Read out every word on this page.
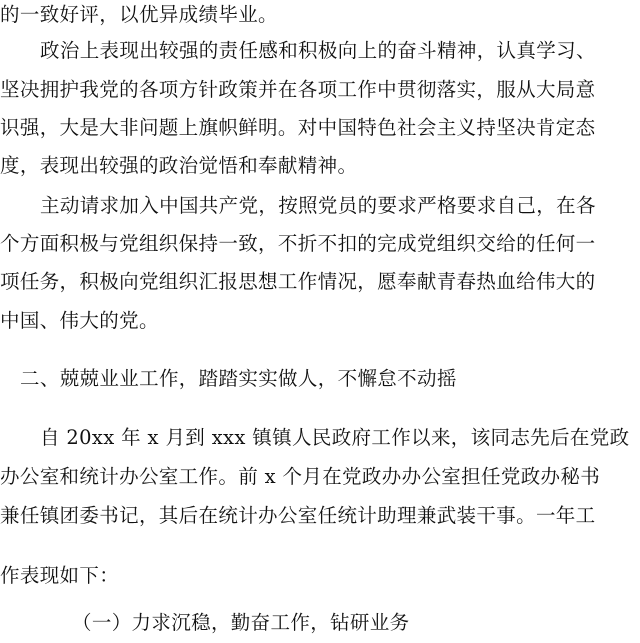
的一致好评，以优异成绩毕业。
政治上表现出较强的责任感和积极向上的奋斗精神，认真学习、
坚决拥护我党的各项方针政策并在各项工作中贯彻落实，服从大局意
识强，大是大非问题上旗帜鲜明。对中国特色社会主义持坚决肯定态
度，表现出较强的政治觉悟和奉献精神。
主动请求加入中国共产党，按照党员的要求严格要求自己，在各
个方面积极与党组织保持一致，不折不扣的完成党组织交给的任何一
项任务，积极向党组织汇报思想工作情况，愿奉献青春热血给伟大的
中国、伟大的党。
二、兢兢业业工作，踏踏实实做人，不懈怠不动摇
自 20xx 年 x 月到 xxx 镇镇人民政府工作以来，该同志先后在党政
办公室和统计办公室工作。前 x 个月在党政办办公室担任党政办秘书
兼任镇团委书记，其后在统计办公室任统计助理兼武装干事。一年工
作表现如下：
（一）力求沉稳，勤奋工作，钻研业务
